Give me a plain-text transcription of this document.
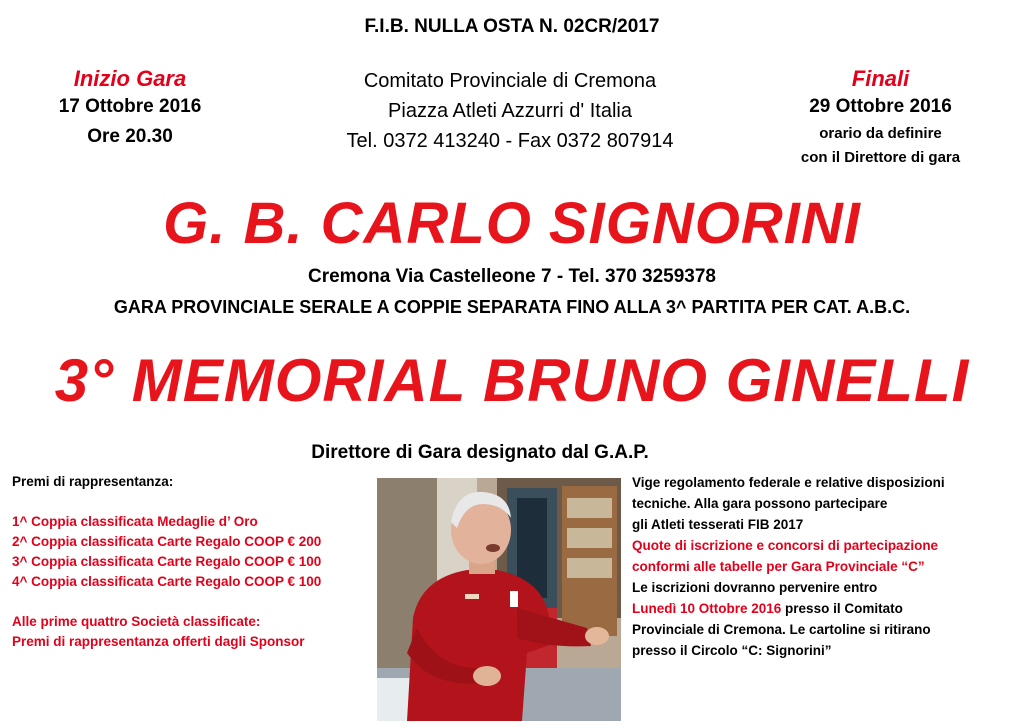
F.I.B. NULLA OSTA N. 02CR/2017
Inizio Gara
17 Ottobre 2016
Ore 20.30
Comitato Provinciale di Cremona
Piazza Atleti Azzurri d' Italia
Tel. 0372 413240 - Fax 0372 807914
Finali
29 Ottobre 2016
orario da definire
con il Direttore di gara
G. B. CARLO SIGNORINI
Cremona Via Castelleone 7 - Tel. 370 3259378
GARA PROVINCIALE SERALE A COPPIE SEPARATA FINO ALLA 3^ PARTITA PER CAT. A.B.C.
3° MEMORIAL BRUNO GINELLI
Direttore di Gara designato dal G.A.P.
Premi di rappresentanza:
1^ Coppia classificata Medaglie d’ Oro
2^ Coppia classificata Carte Regalo COOP € 200
3^ Coppia classificata Carte Regalo COOP € 100
4^ Coppia classificata Carte Regalo COOP € 100
Alle prime quattro Società classificate:
Premi di rappresentanza offerti dagli Sponsor
Vige regolamento federale e relative disposizioni
tecniche. Alla gara possono partecipare
gli Atleti tesserati FIB 2017
Quote di iscrizione e concorsi di partecipazione
conformi alle tabelle per Gara Provinciale “C”
Le iscrizioni dovranno pervenire entro
Lunedì 10 Ottobre 2016 presso il Comitato
Provinciale di Cremona. Le cartoline si ritirano
presso il Circolo “C: Signorini”
